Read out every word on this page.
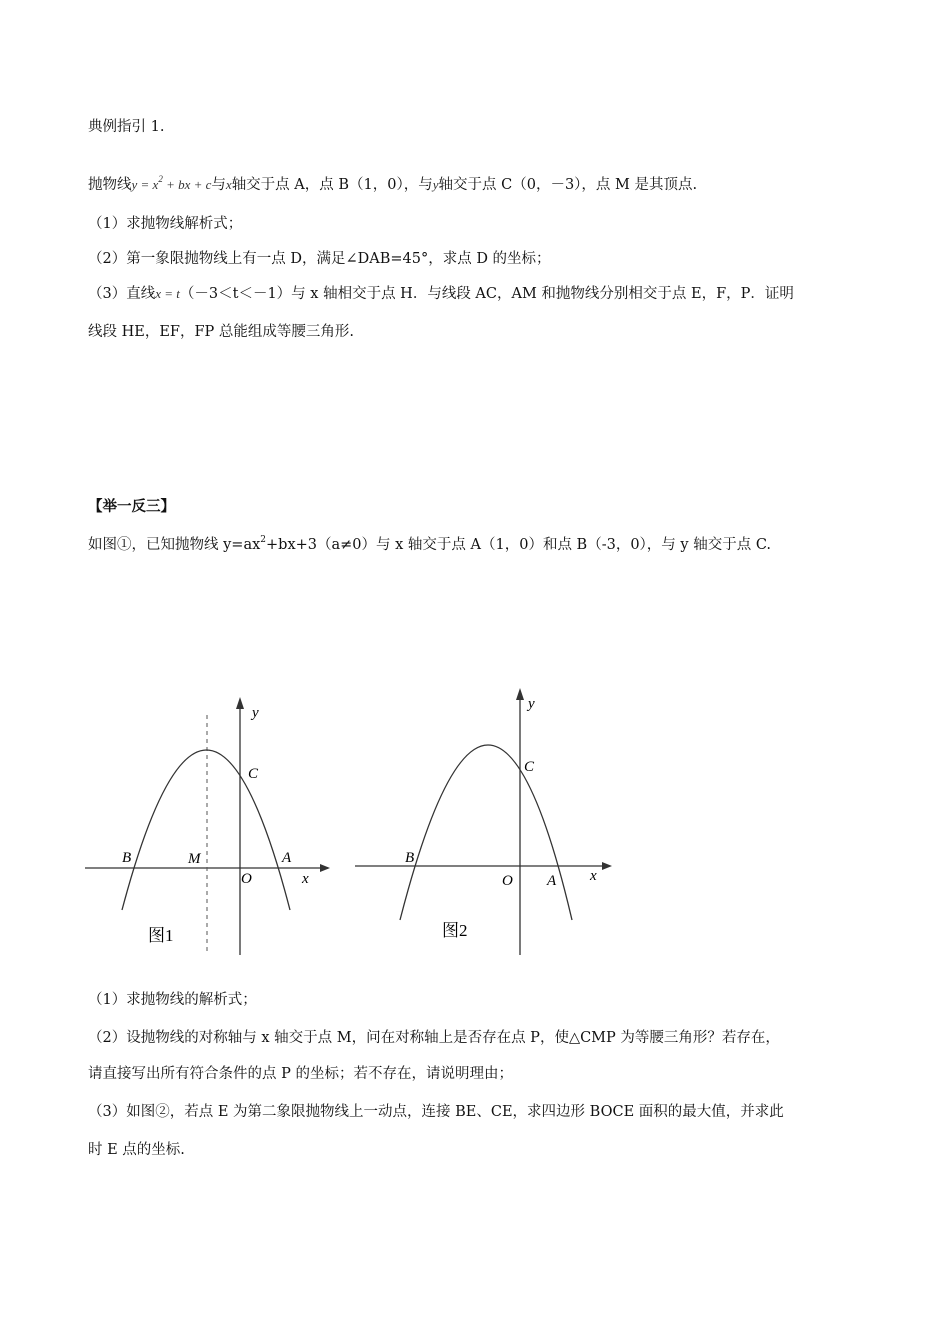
典例指引 1.
抛物线$y = x^2$ + bx + c与x轴交于点 A，点 B（1，0），与y轴交于点 C（0，－3），点 M 是其顶点.
（1）求抛物线解析式；
（2）第一象限抛物线上有一点 D，满足∠DAB=45°，求点 D 的坐标；
（3）直线x = t（－3＜t＜－1）与 x 轴相交于点 H．与线段 AC，AM 和抛物线分别相交于点 E，F，P．证明
线段 HE，EF，FP 总能组成等腰三角形.
【举一反三】
如图①，已知抛物线 $y=ax^2+bx+3(a\ne 0)$与 x 轴交于点 A（1，0）和点 B（-3，0），与 y 轴交于点 C.
y
C
B	M	A
O	x
图1
y
C
B
O A x
图2
（1）求抛物线的解析式；
（2）设抛物线的对称轴与 x 轴交于点 M，问在对称轴上是否存在点 P，使△CMP 为等腰三角形？若存在，
请直接写出所有符合条件的点 P 的坐标；若不存在，请说明理由；
（3）如图②，若点 E 为第二象限抛物线上一动点，连接 BE、CE，求四边形 BOCE 面积的最大值，并求此
时 E 点的坐标.
